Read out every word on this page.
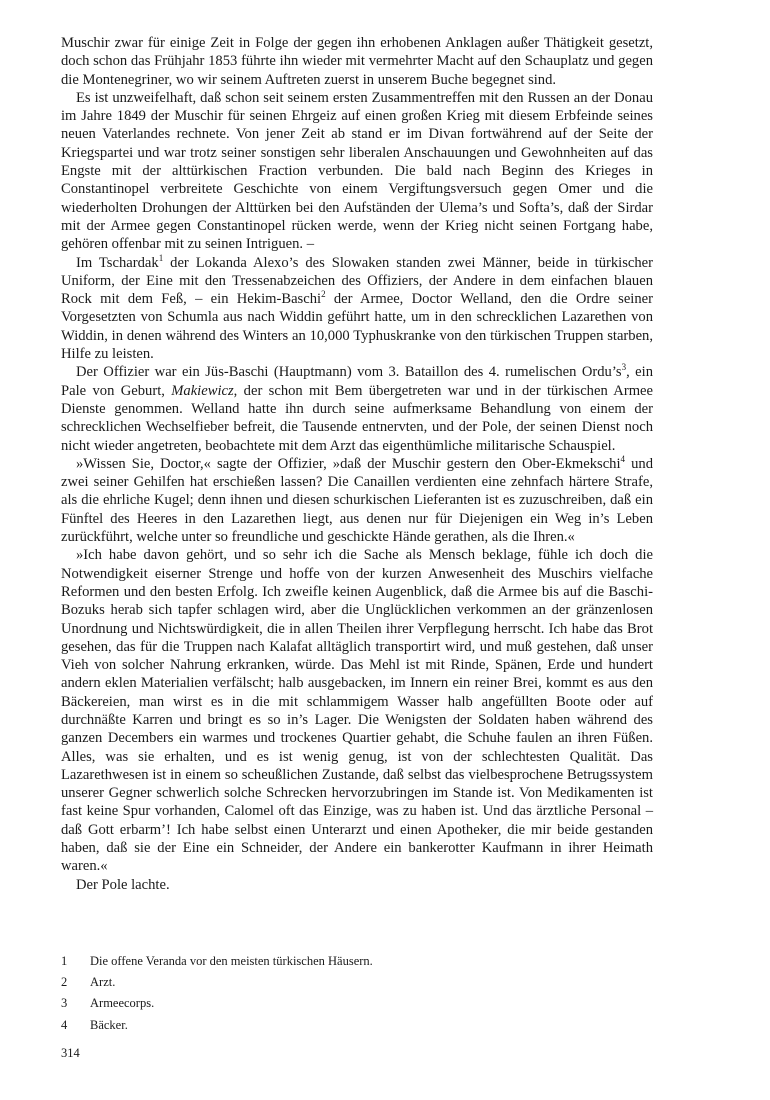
Muschir zwar für einige Zeit in Folge der gegen ihn erhobenen Anklagen außer Thätigkeit gesetzt, doch schon das Frühjahr 1853 führte ihn wieder mit vermehrter Macht auf den Schauplatz und gegen die Montenegriner, wo wir seinem Auftreten zuerst in unserem Buche begegnet sind.

Es ist unzweifelhaft, daß schon seit seinem ersten Zusammentreffen mit den Russen an der Donau im Jahre 1849 der Muschir für seinen Ehrgeiz auf einen großen Krieg mit diesem Erbfeinde seines neuen Vaterlandes rechnete. Von jener Zeit ab stand er im Divan fortwährend auf der Seite der Kriegspartei und war trotz seiner sonstigen sehr liberalen Anschauungen und Gewohnheiten auf das Engste mit der alttürkischen Fraction verbunden. Die bald nach Beginn des Krieges in Constantinopel verbreitete Geschichte von einem Vergiftungsversuch gegen Omer und die wiederholten Drohungen der Alttürken bei den Aufständen der Ulema’s und Softa’s, daß der Sirdar mit der Armee gegen Constantinopel rücken werde, wenn der Krieg nicht seinen Fortgang habe, gehören offenbar mit zu seinen Intriguen. –

Im Tschardak$^1$ der Lokanda Alexo’s des Slowaken standen zwei Männer, beide in türkischer Uniform, der Eine mit den Tressenabzeichen des Offiziers, der Andere in dem einfachen blauen Rock mit dem Feß, – ein Hekim-Baschi$^2$ der Armee, Doctor Welland, den die Ordre seiner Vorgesetzten von Schumla aus nach Widdin geführt hatte, um in den schrecklichen Lazarethen von Widdin, in denen während des Winters an 10,000 Typhuskranke von den türkischen Truppen starben, Hilfe zu leisten.

Der Offizier war ein Jüs-Baschi (Hauptmann) vom 3. Bataillon des 4. rumelischen $Ordu’s^3$, ein Pale von Geburt, Makiewicz, der schon mit Bem übergetreten war und in der türkischen Armee Dienste genommen. Welland hatte ihn durch seine aufmerksame Behandlung von einem der schrecklichen Wechselfieber befreit, die Tausende entnervten, und der Pole, der seinen Dienst noch nicht wieder angetreten, beobachtete mit dem Arzt das eigenthümliche militarische Schauspiel.

»Wissen Sie, Doctor,« sagte der Offizier, »daß der Muschir gestern den Ober-Ekmekschi$^4$ und zwei seiner Gehilfen hat erschießen lassen? Die Canaillen verdienten eine zehnfach härtere Strafe, als die ehrliche Kugel; denn ihnen und diesen schurkischen Lieferanten ist es zuzuschreiben, daß ein Fünftel des Heeres in den Lazarethen liegt, aus denen nur für Diejenigen ein Weg in’s Leben zurückführt, welche unter so freundliche und geschickte Hände gerathen, als die Ihren.«

»Ich habe davon gehört, und so sehr ich die Sache als Mensch beklage, fühle ich doch die Notwendigkeit eiserner Strenge und hoffe von der kurzen Anwesenheit des Muschirs vielfache Reformen und den besten Erfolg. Ich zweifle keinen Augenblick, daß die Armee bis auf die Baschi-Bozuks herab sich tapfer schlagen wird, aber die Unglücklichen verkommen an der gränzenlosen Unordnung und Nichtswürdigkeit, die in allen Theilen ihrer Verpflegung herrscht. Ich habe das Brot gesehen, das für die Truppen nach Kalafat alltäglich transportirt wird, und muß gestehen, daß unser Vieh von solcher Nahrung erkranken, würde. Das Mehl ist mit Rinde, Spänen, Erde und hundert andern eklen Materialien verfälscht; halb ausgebacken, im Innern ein reiner Brei, kommt es aus den Bäckereien, man wirst es in die mit schlammigem Wasser halb angefüllten Boote oder auf durchnäßte Karren und bringt es so in’s Lager. Die Wenigsten der Soldaten haben während des ganzen Decembers ein warmes und trockenes Quartier gehabt, die Schuhe faulen an ihren Füßen. Alles, was sie erhalten, und es ist wenig genug, ist von der schlechtesten Qualität. Das Lazarethwesen ist in einem so scheußlichen Zustande, daß selbst das vielbesprochene Betrugssystem unserer Gegner schwerlich solche Schrecken hervorzubringen im Stande ist. Von Medikamenten ist fast keine Spur vorhanden, Calomel oft das Einzige, was zu haben ist. Und das ärztliche Personal – daß Gott erbarm’! Ich habe selbst einen Unterarzt und einen Apotheker, die mir beide gestanden haben, daß sie der Eine ein Schneider, der Andere ein bankerotter Kaufmann in ihrer Heimath waren.«

Der Pole lachte.

1	Die offene Veranda vor den meisten türkischen Häusern.
2	Arzt.
3	Armeecorps.
4	Bäcker.
314
